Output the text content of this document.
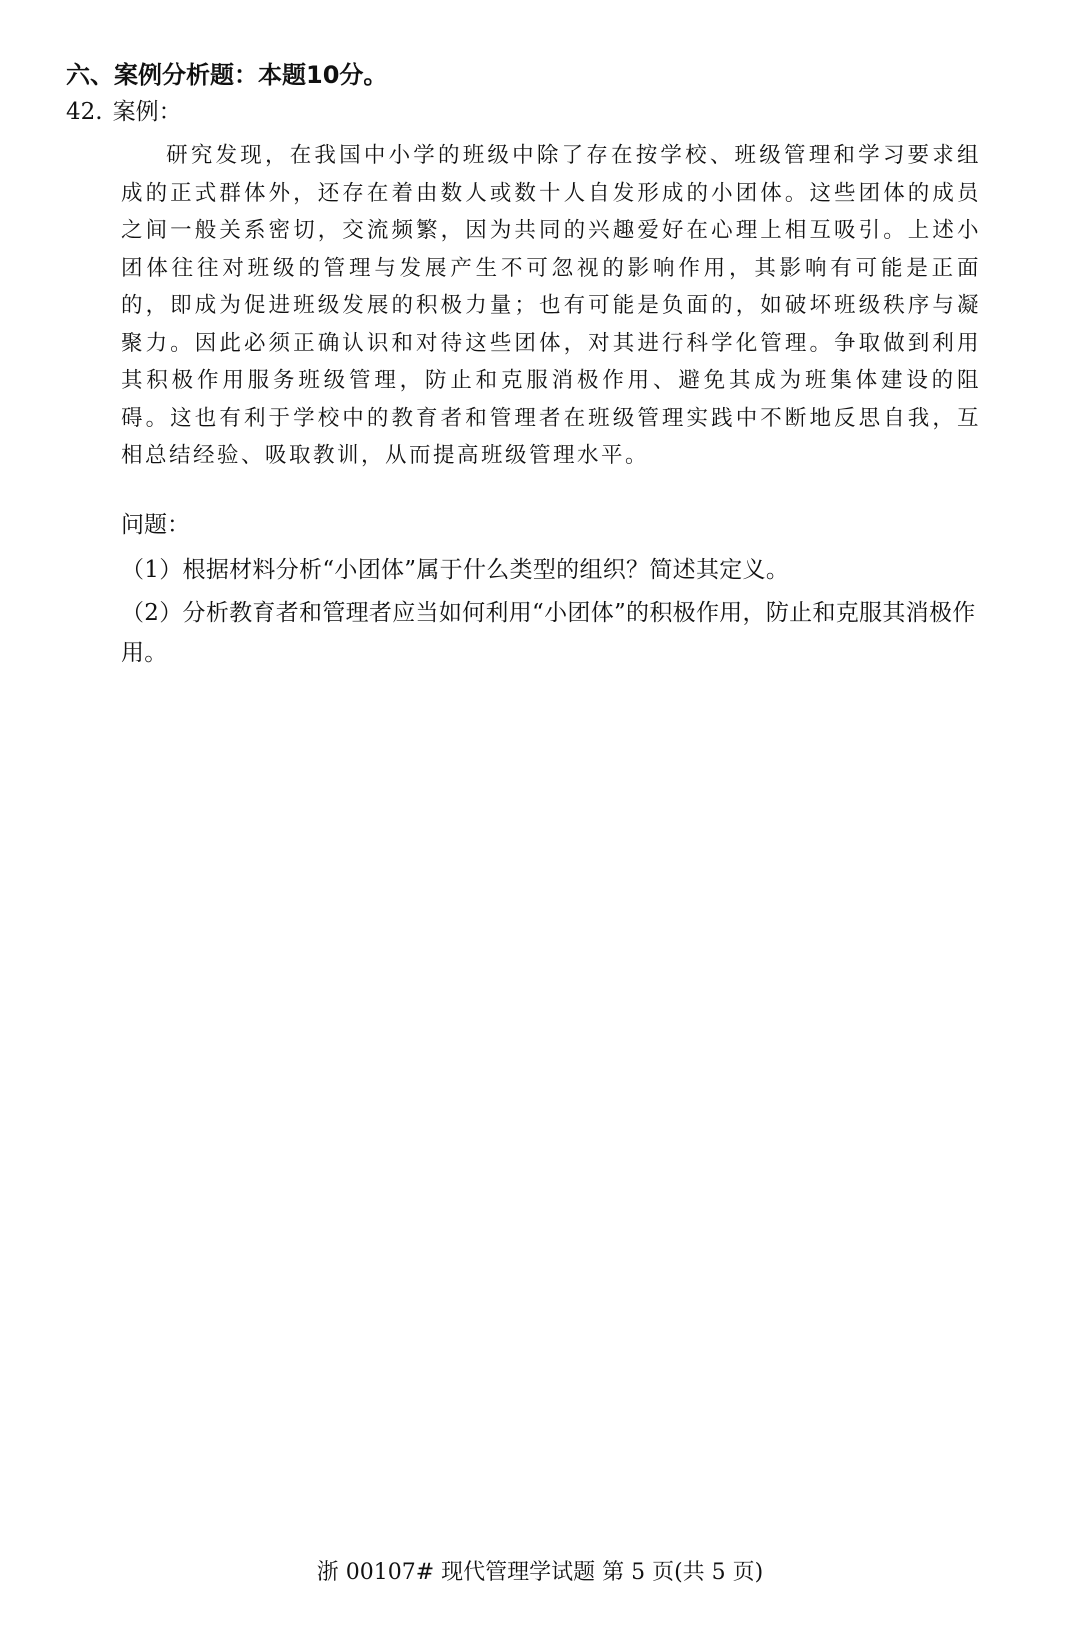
六、案例分析题：本题10分。
42. 案例：

研究发现，在我国中小学的班级中除了存在按学校、班级管理和学习要求组成的正式群体外，还存在着由数人或数十人自发形成的小团体。这些团体的成员之间一般关系密切，交流频繁，因为共同的兴趣爱好在心理上相互吸引。上述小团体往往对班级的管理与发展产生不可忽视的影响作用，其影响有可能是正面的，即成为促进班级发展的积极力量；也有可能是负面的，如破坏班级秩序与凝聚力。因此必须正确认识和对待这些团体，对其进行科学化管理。争取做到利用其积极作用服务班级管理，防止和克服消极作用、避免其成为班集体建设的阻碍。这也有利于学校中的教育者和管理者在班级管理实践中不断地反思自我，互相总结经验、吸取教训，从而提高班级管理水平。

问题：

（1）根据材料分析“小团体”属于什么类型的组织？简述其定义。

（2）分析教育者和管理者应当如何利用“小团体”的积极作用，防止和克服其消极作用。

浙 00107# 现代管理学试题 第 5 页(共 5 页)
